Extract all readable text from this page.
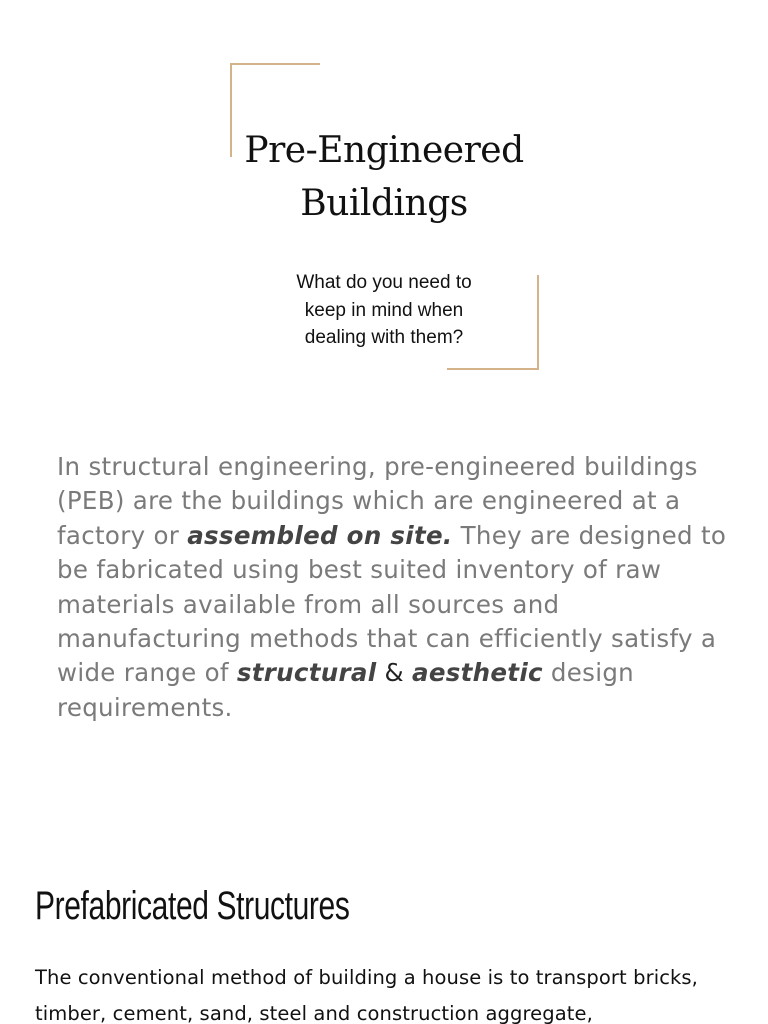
Pre-Engineered
Buildings

What do you need to
keep in mind when
dealing with them?

In structural engineering, pre-engineered buildings (PEB) are the buildings which are engineered at a factory or assembled on site. They are designed to be fabricated using best suited inventory of raw materials available from all sources and manufacturing methods that can efficiently satisfy a wide range of structural & aesthetic design requirements.

Prefabricated Structures

The conventional method of building a house is to transport bricks, timber, cement, sand, steel and construction aggregate,
